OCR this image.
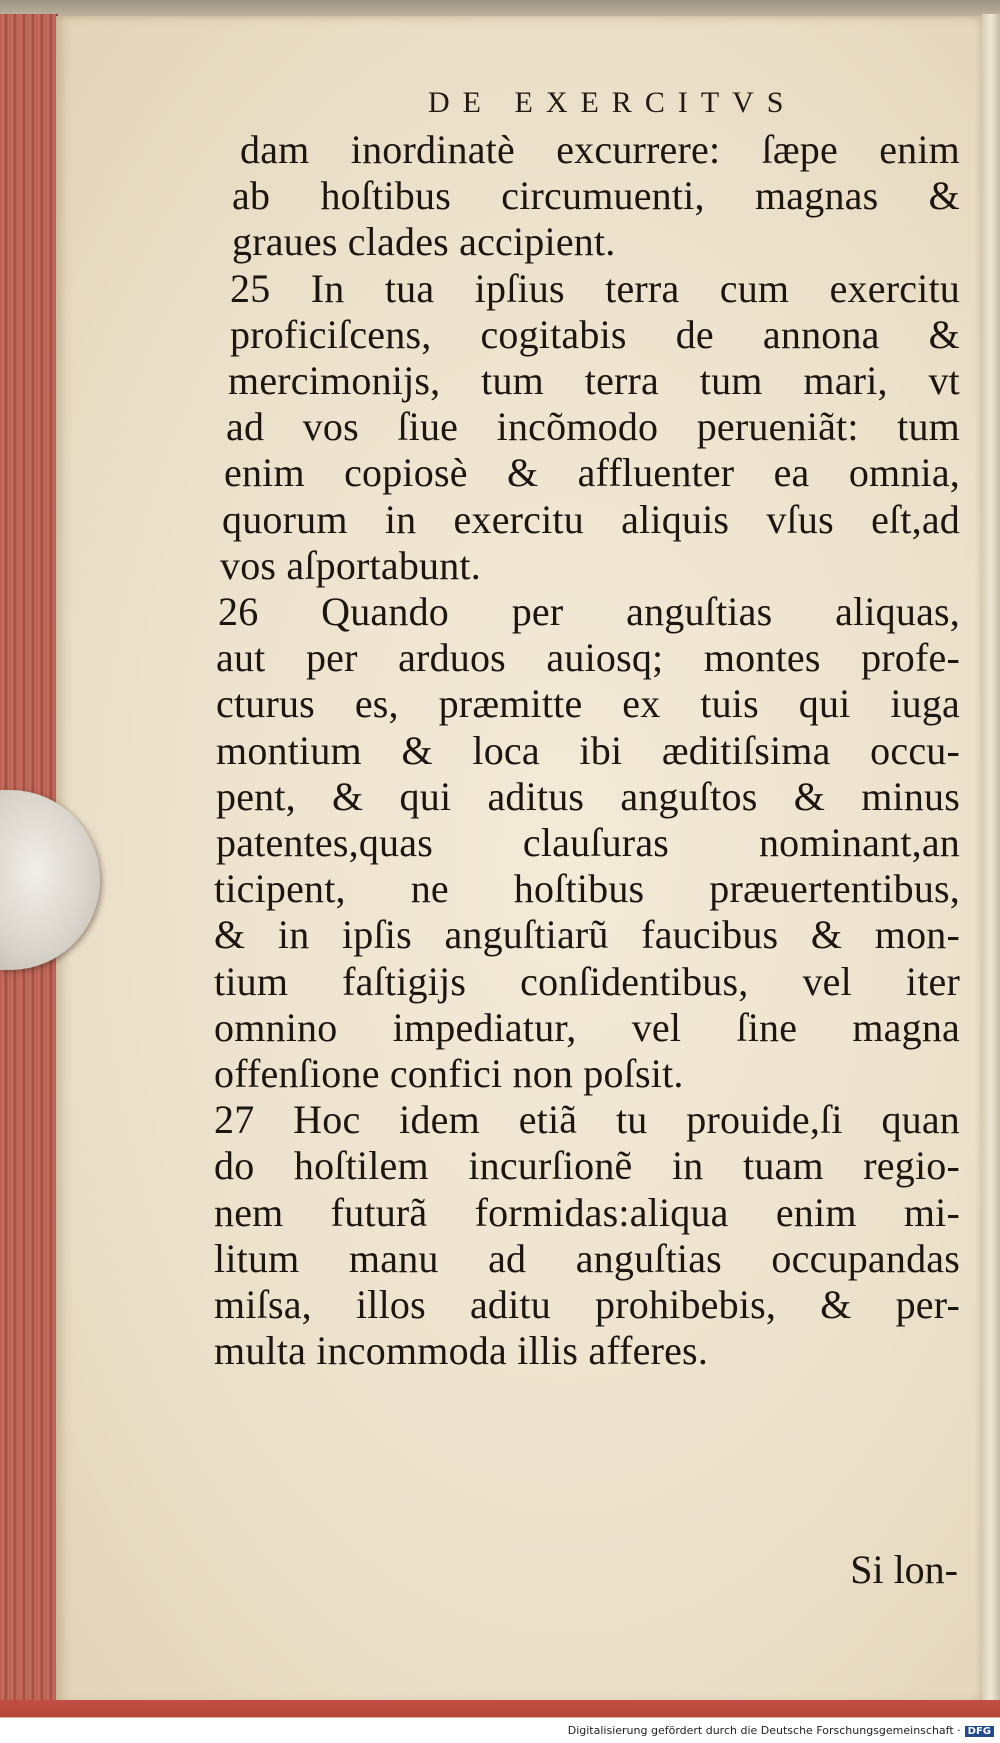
DE EXERCITVS
dam inordinatè excurrere: ſæpe enim
ab hoſtibus circumuenti, magnas &
graues clades accipient.
25 In tua ipſius terra cum exercitu
proficiſcens, cogitabis de annona &
mercimonijs, tum terra tum mari, vt
ad vos ſiue incõmodo perueniãt: tum
enim copiosè & affluenter ea omnia,
quorum in exercitu aliquis vſus eſt,ad
vos aſportabunt.
26 Quando per anguſtias aliquas,
aut per arduos auiosq; montes profe-
cturus es, præmitte ex tuis qui iuga
montium & loca ibi æditiſsima occu-
pent, & qui aditus anguſtos & minus
patentes,quas clauſuras nominant,an
ticipent, ne hoſtibus præuertentibus,
& in ipſis anguſtiarũ faucibus & mon-
tium faſtigijs conſidentibus, vel iter
omnino impediatur, vel ſine magna
offenſione confici non poſsit.
27 Hoc idem etiã tu prouide,ſi quan
do hoſtilem incurſionẽ in tuam regio-
nem futurã formidas:aliqua enim mi-
litum manu ad anguſtias occupandas
miſsa, illos aditu prohibebis, & per-
multa incommoda illis afferes.
Si lon-
Digitalisierung gefördert durch die Deutsche Forschungsgemeinschaft · DFG
